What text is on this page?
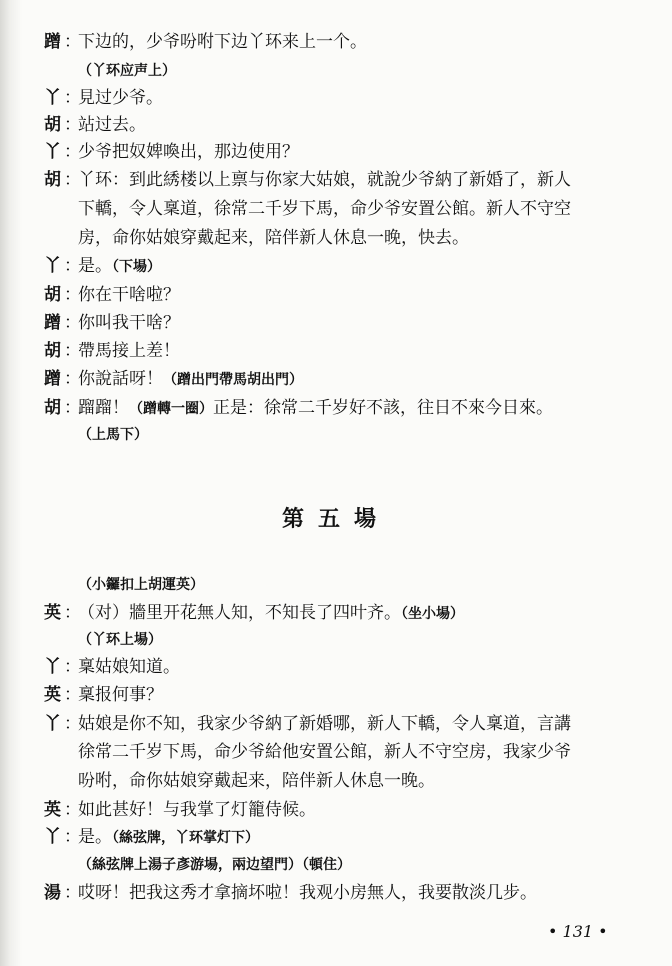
蹭 ：下边的，少爷吩咐下边丫环来上一个。
（丫环应声上）
丫 ：見过少爷。
胡 ：站过去。
丫 ：少爷把奴婢喚出，那边使用？
胡 ：丫环：到此綉楼以上禀与你家大姑娘，就說少爷納了新婚了，新人
下轎，令人稟道，徐常二千岁下馬，命少爷安置公館。新人不守空
房，命你姑娘穿戴起来，陪伴新人休息一晚，快去。
丫 ：是。（下場）
胡 ：你在干啥啦？
蹭 ：你叫我干啥？
胡 ：帶馬接上差！
蹭 ：你說話呀！（蹭出門帶馬胡出門）
胡 ：蹓蹓！（蹭轉一圈）正是：徐常二千岁好不該，往日不來今日來。
（上馬下）
第五場
（小鑼扣上胡運英）
英 ：（对）牆里开花無人知，不知長了四叶齐。（坐小場）
（丫环上場）
丫 ：稟姑娘知道。
英 ：稟报何事？
丫 ：姑娘是你不知，我家少爷納了新婚哪，新人下轎，令人稟道，言講
徐常二千岁下馬，命少爷給他安置公館，新人不守空房，我家少爷
吩咐，命你姑娘穿戴起来，陪伴新人休息一晚。
英 ：如此甚好！与我掌了灯籠侍候。
丫 ：是。（絲弦牌，丫环掌灯下）
（絲弦牌上湯子彥游場，兩边望門）（頓住）
湯 ：哎呀！把我这秀才拿摘坏啦！我观小房無人，我要散淡几步。
• 131 •
